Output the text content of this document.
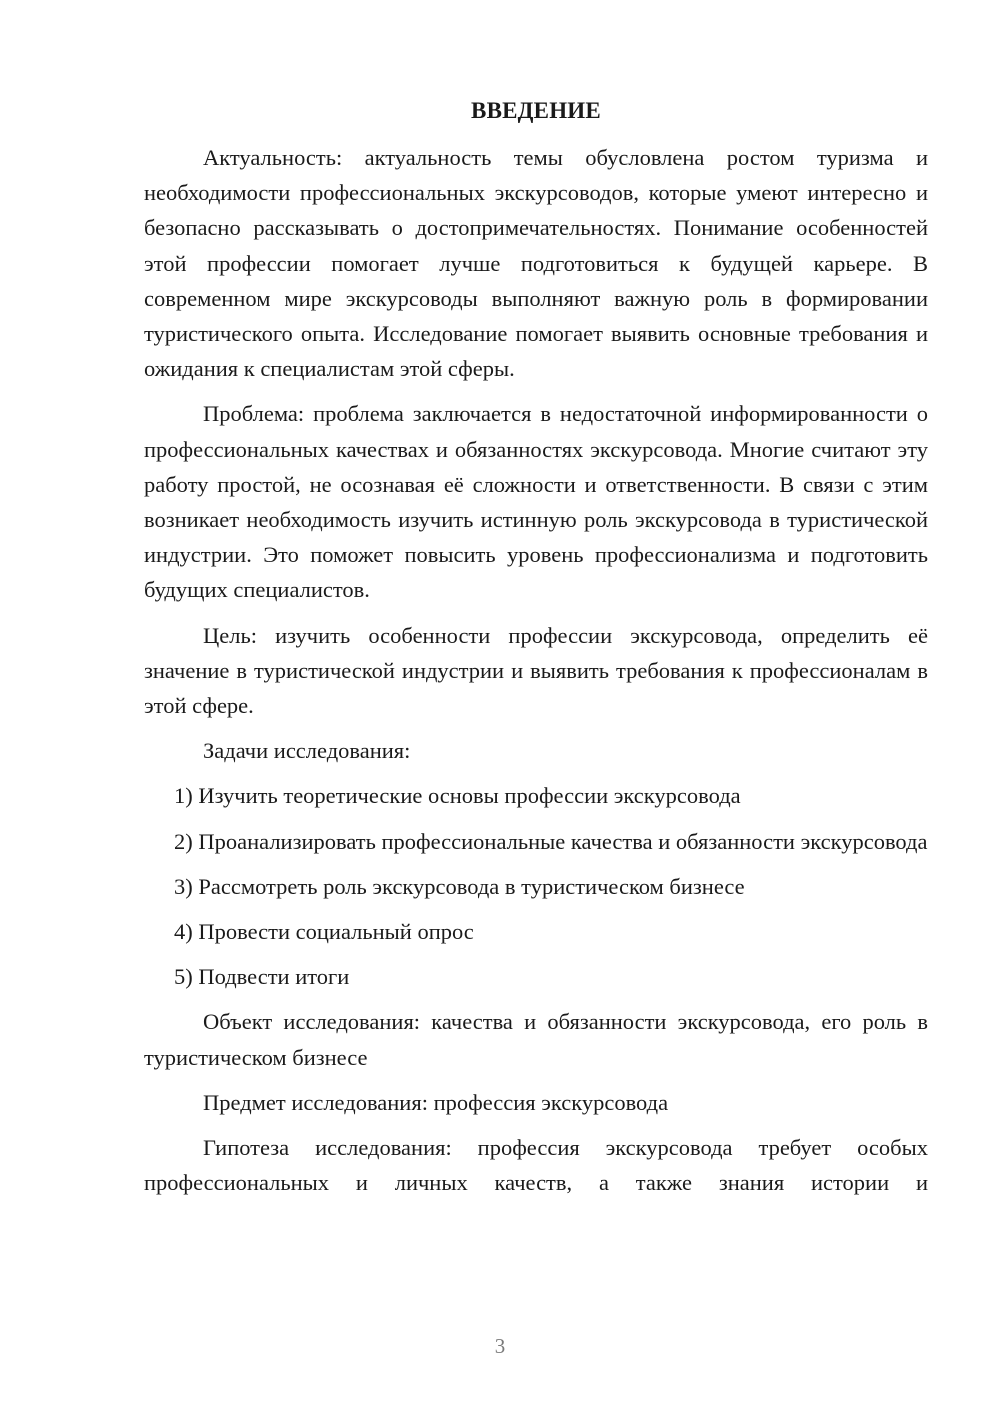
ВВЕДЕНИЕ

Актуальность: актуальность темы обусловлена ростом туризма и необходимости профессиональных экскурсоводов, которые умеют интересно и безопасно рассказывать о достопримечательностях. Понимание особенностей этой профессии помогает лучше подготовиться к будущей карьере. В современном мире экскурсоводы выполняют важную роль в формировании туристического опыта. Исследование помогает выявить основные требования и ожидания к специалистам этой сферы.

Проблема: проблема заключается в недостаточной информированности о профессиональных качествах и обязанностях экскурсовода. Многие считают эту работу простой, не осознавая её сложности и ответственности. В связи с этим возникает необходимость изучить истинную роль экскурсовода в туристической индустрии. Это поможет повысить уровень профессионализма и подготовить будущих специалистов.

Цель: изучить особенности профессии экскурсовода, определить её значение в туристической индустрии и выявить требования к профессионалам в этой сфере.

Задачи исследования:

1) Изучить теоретические основы профессии экскурсовода

2) Проанализировать профессиональные качества и обязанности экскурсовода

3) Рассмотреть роль экскурсовода в туристическом бизнесе

4) Провести социальный опрос

5) Подвести итоги

Объект исследования: качества и обязанности экскурсовода, его роль в туристическом бизнесе

Предмет исследования: профессия экскурсовода

Гипотеза исследования: профессия экскурсовода требует особых профессиональных и личных качеств, а также знания истории и

3
